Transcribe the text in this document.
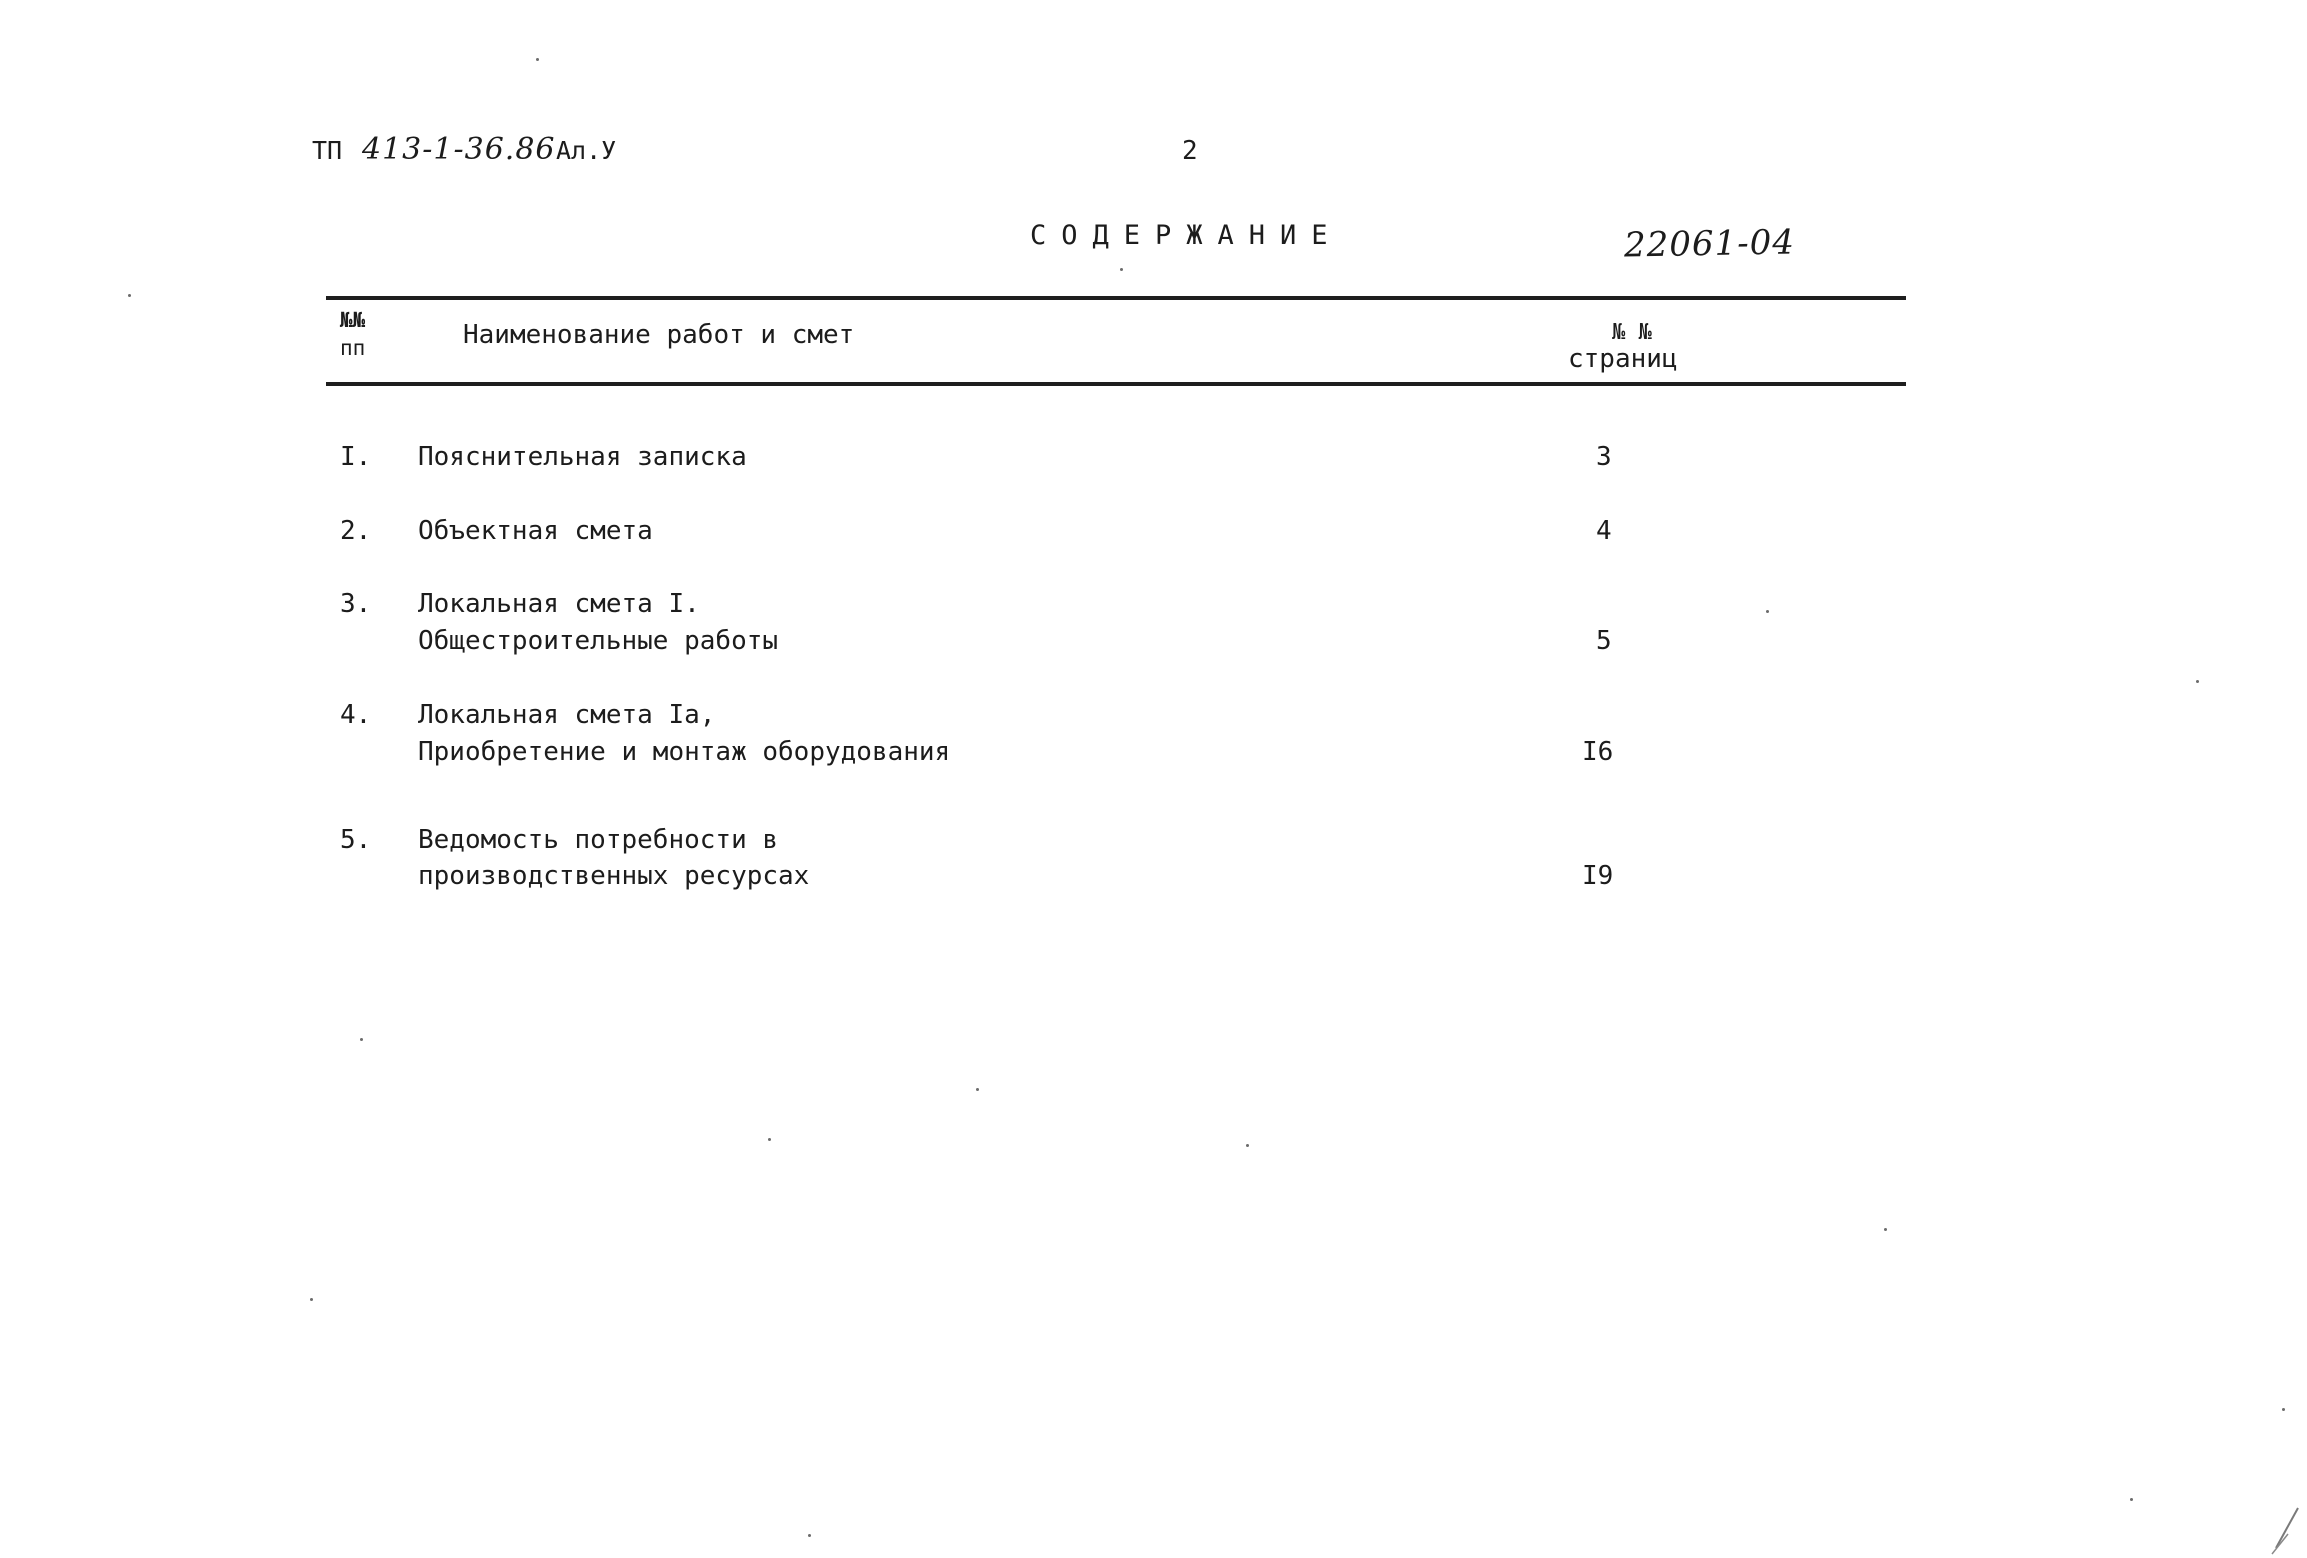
ТП 413-1-36.86 Ал.У	2
СОДЕРЖАНИЕ	22061-04
№№
пп	Наименование работ и смет	№ №
страниц
I. Пояснительная записка	3
2. Объектная смета	4
3. Локальная смета I.
Общестроительные работы	5
4. Локальная смета Iа,
Приобретение и монтаж оборудования	I6
5. Ведомость потребности в
производственных ресурсах	I9
